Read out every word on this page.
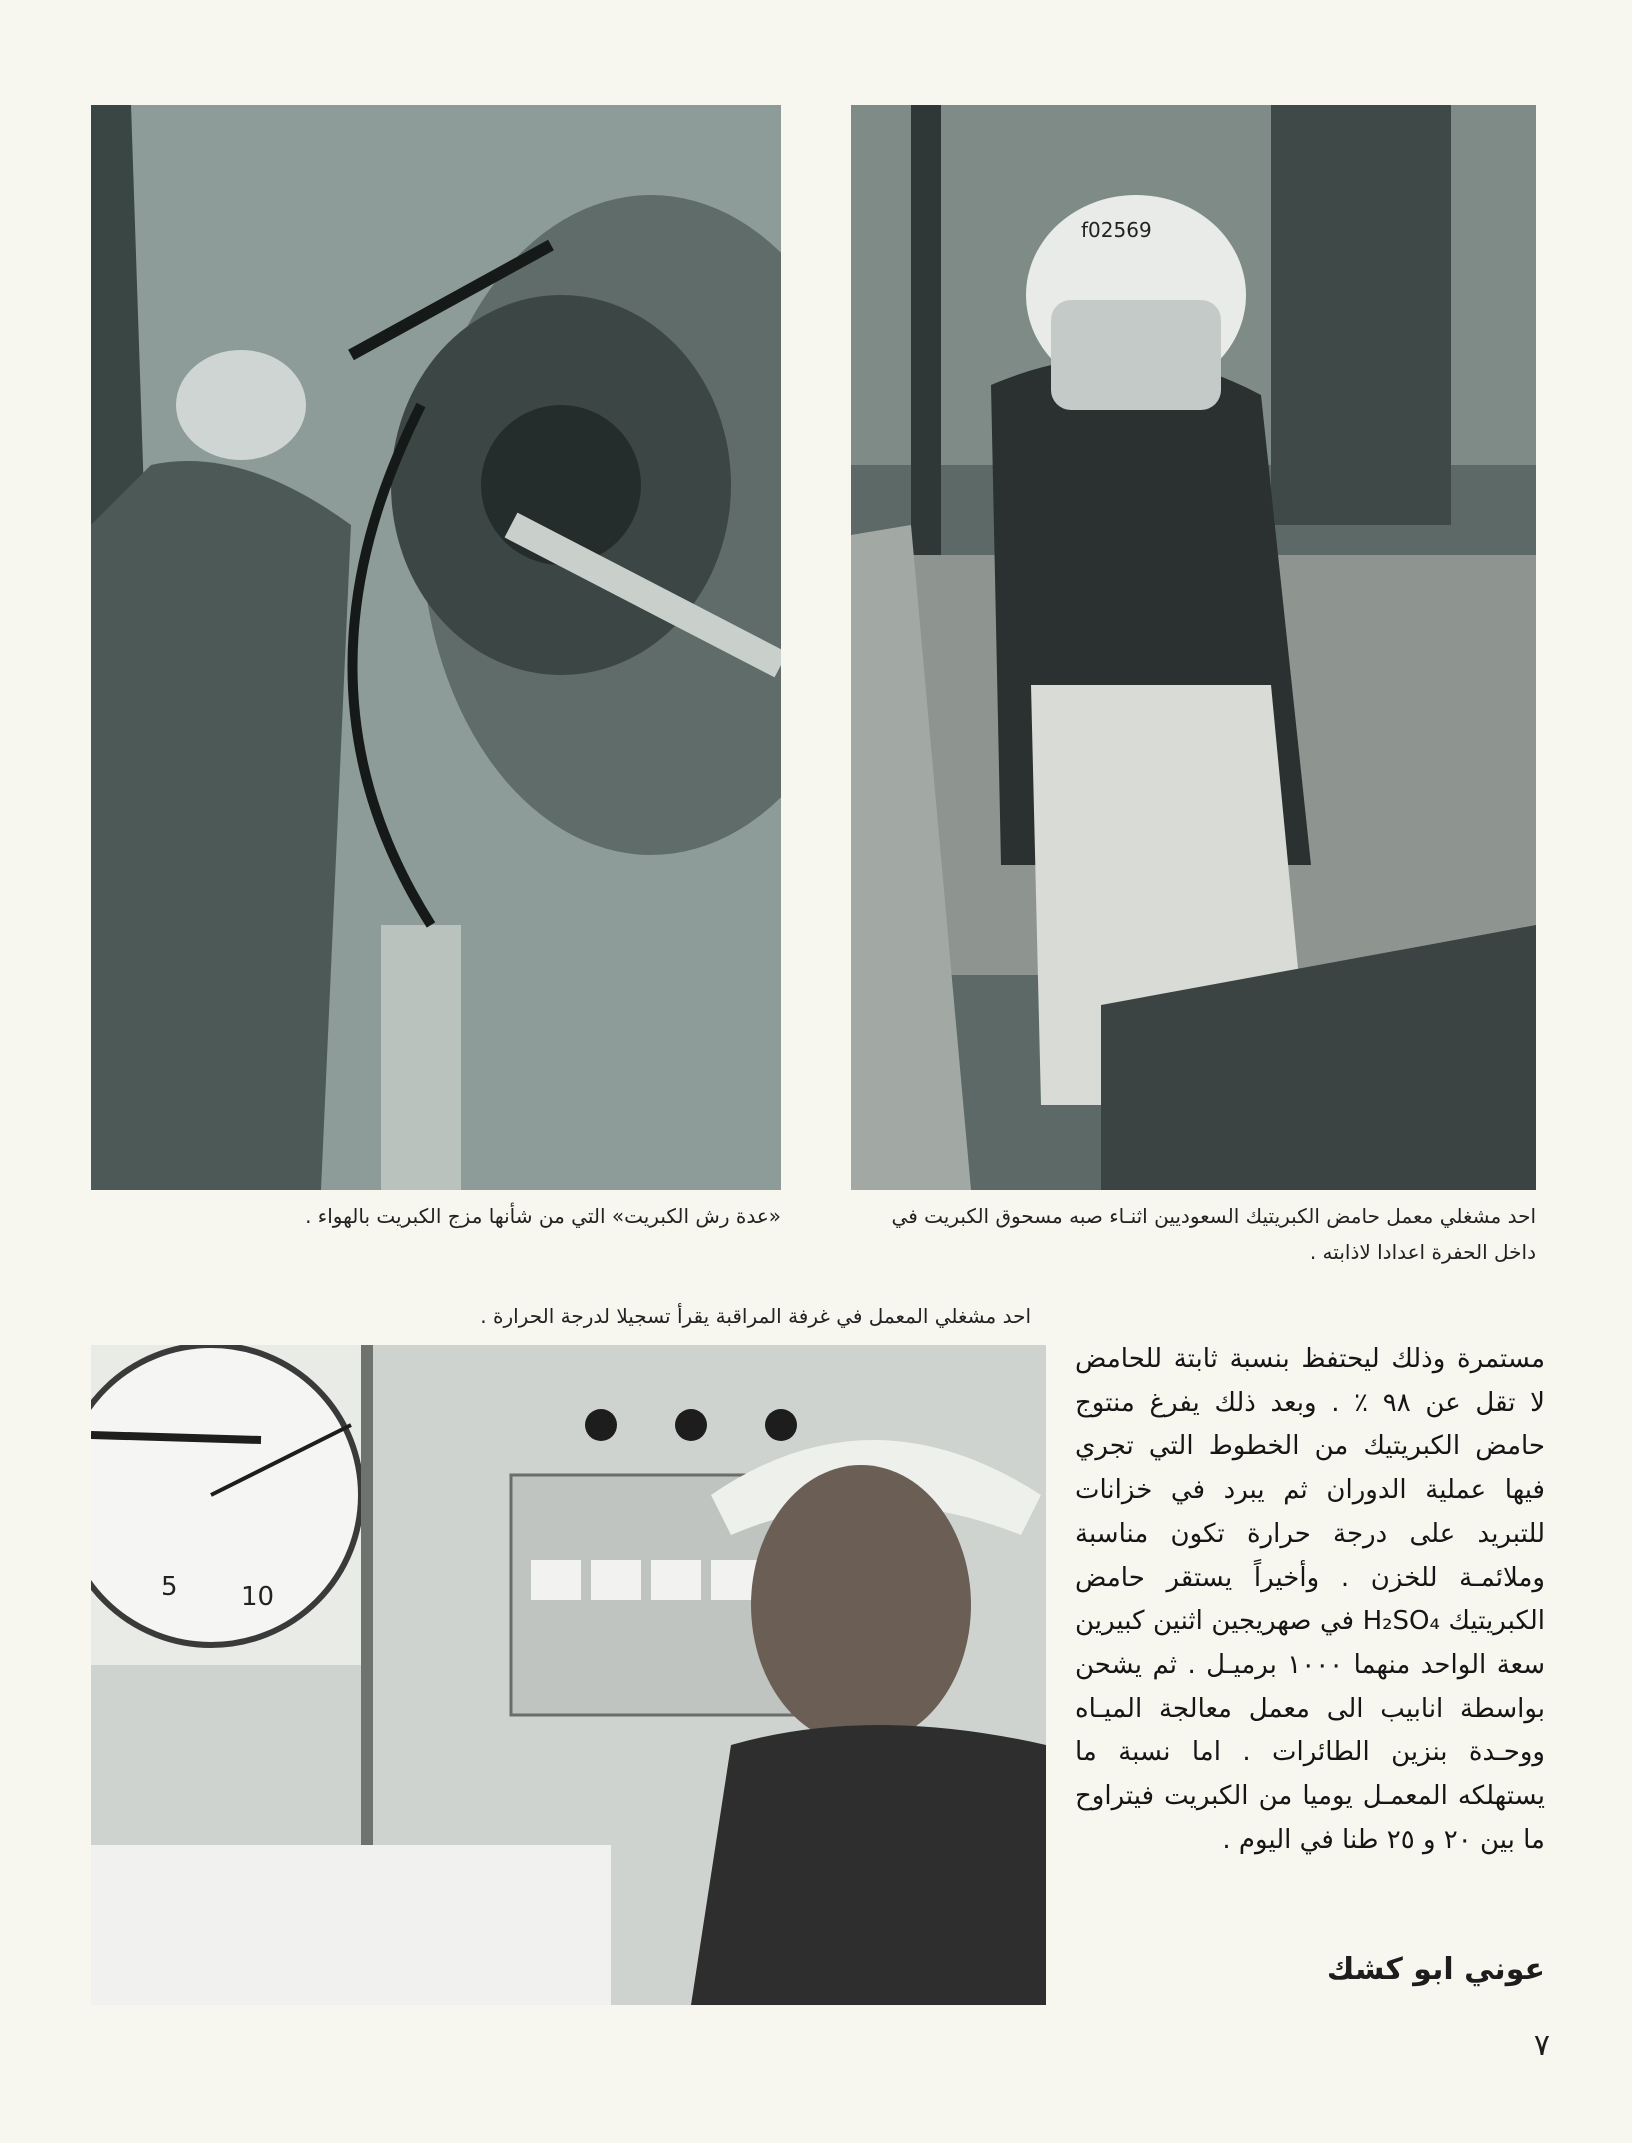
«عدة رش الكبريت» التي من شأنها مزج الكبريت بالهواء .
f02569
احد مشغلي معمل حامض الكبريتيك السعوديين اثنـاء صبه مسحوق الكبريت في داخل الحفرة اعدادا لاذابته .
احد مشغلي المعمل في غرفة المراقبة يقرأ تسجيلا لدرجة الحرارة .
5 10
مستمرة وذلك ليحتفظ بنسبة ثابتة للحامض لا تقل عن ٩٨ ٪ . وبعد ذلك يفرغ منتوج حامض الكبريتيك من الخطوط التي تجري فيها عملية الدوران ثم يبرد في خزانات للتبريد على درجة حرارة تكون مناسبة وملائمـة للخزن . وأخيراً يستقر حامض الكبريتيك H₂SO₄ في صهريجين اثنين كبيرين سعة الواحد منهما ١٠٠٠ برميـل . ثم يشحن بواسطة انابيب الى معمل معالجة الميـاه ووحـدة بنزين الطائرات . اما نسبة ما يستهلكه المعمـل يوميا من الكبريت فيتراوح ما بين ٢٠ و ٢٥ طنا في اليوم .
عوني ابو كشك
٧
